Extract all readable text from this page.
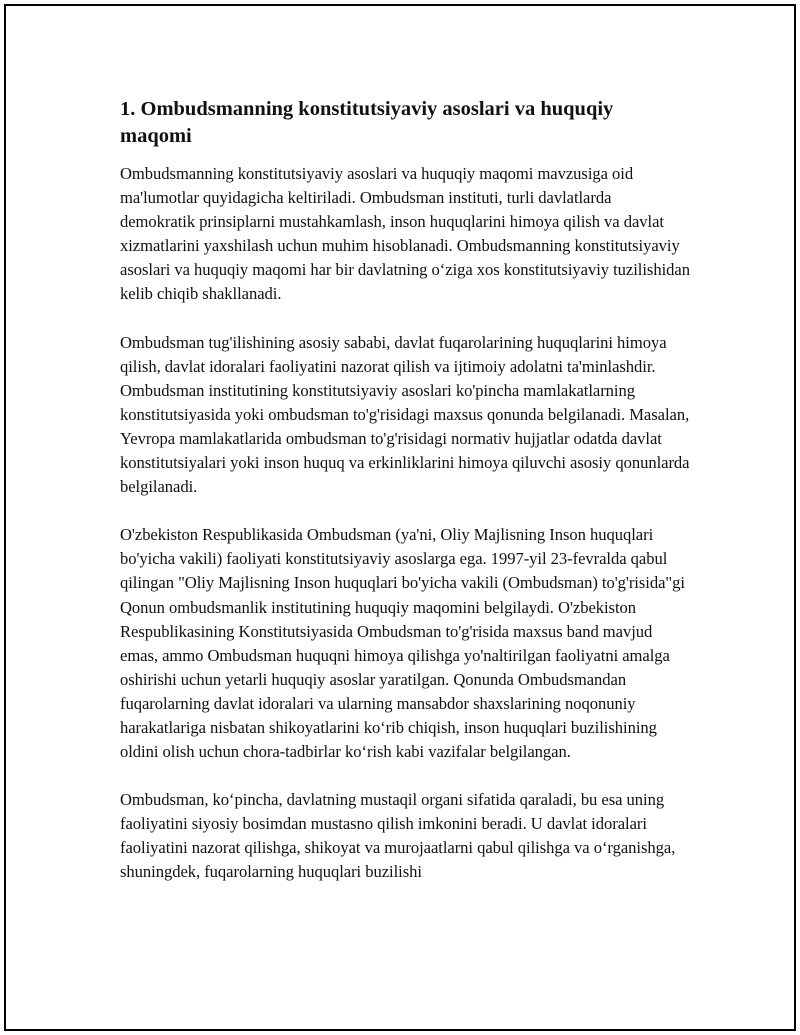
1. Ombudsmanning konstitutsiyaviy asoslari va huquqiy maqomi

Ombudsmanning konstitutsiyaviy asoslari va huquqiy maqomi mavzusiga oid ma'lumotlar quyidagicha keltiriladi. Ombudsman instituti, turli davlatlarda demokratik prinsiplarni mustahkamlash, inson huquqlarini himoya qilish va davlat xizmatlarini yaxshilash uchun muhim hisoblanadi. Ombudsmanning konstitutsiyaviy asoslari va huquqiy maqomi har bir davlatning o‘ziga xos konstitutsiyaviy tuzilishidan kelib chiqib shakllanadi.

Ombudsman tug'ilishining asosiy sababi, davlat fuqarolarining huquqlarini himoya qilish, davlat idoralari faoliyatini nazorat qilish va ijtimoiy adolatni ta'minlashdir. Ombudsman institutining konstitutsiyaviy asoslari ko'pincha mamlakatlarning konstitutsiyasida yoki ombudsman to'g'risidagi maxsus qonunda belgilanadi. Masalan, Yevropa mamlakatlarida ombudsman to'g'risidagi normativ hujjatlar odatda davlat konstitutsiyalari yoki inson huquq va erkinliklarini himoya qiluvchi asosiy qonunlarda belgilanadi.

O'zbekiston Respublikasida Ombudsman (ya'ni, Oliy Majlisning Inson huquqlari bo'yicha vakili) faoliyati konstitutsiyaviy asoslarga ega. 1997-yil 23-fevralda qabul qilingan "Oliy Majlisning Inson huquqlari bo'yicha vakili (Ombudsman) to'g'risida"gi Qonun ombudsmanlik institutining huquqiy maqomini belgilaydi. O'zbekiston Respublikasining Konstitutsiyasida Ombudsman to'g'risida maxsus band mavjud emas, ammo Ombudsman huquqni himoya qilishga yo'naltirilgan faoliyatni amalga oshirishi uchun yetarli huquqiy asoslar yaratilgan. Qonunda Ombudsmandan fuqarolarning davlat idoralari va ularning mansabdor shaxslarining noqonuniy harakatlariga nisbatan shikoyatlarini ko‘rib chiqish, inson huquqlari buzilishining oldini olish uchun chora-tadbirlar ko‘rish kabi vazifalar belgilangan.

Ombudsman, ko‘pincha, davlatning mustaqil organi sifatida qaraladi, bu esa uning faoliyatini siyosiy bosimdan mustasno qilish imkonini beradi. U davlat idoralari faoliyatini nazorat qilishga, shikoyat va murojaatlarni qabul qilishga va o‘rganishga, shuningdek, fuqarolarning huquqlari buzilishi
